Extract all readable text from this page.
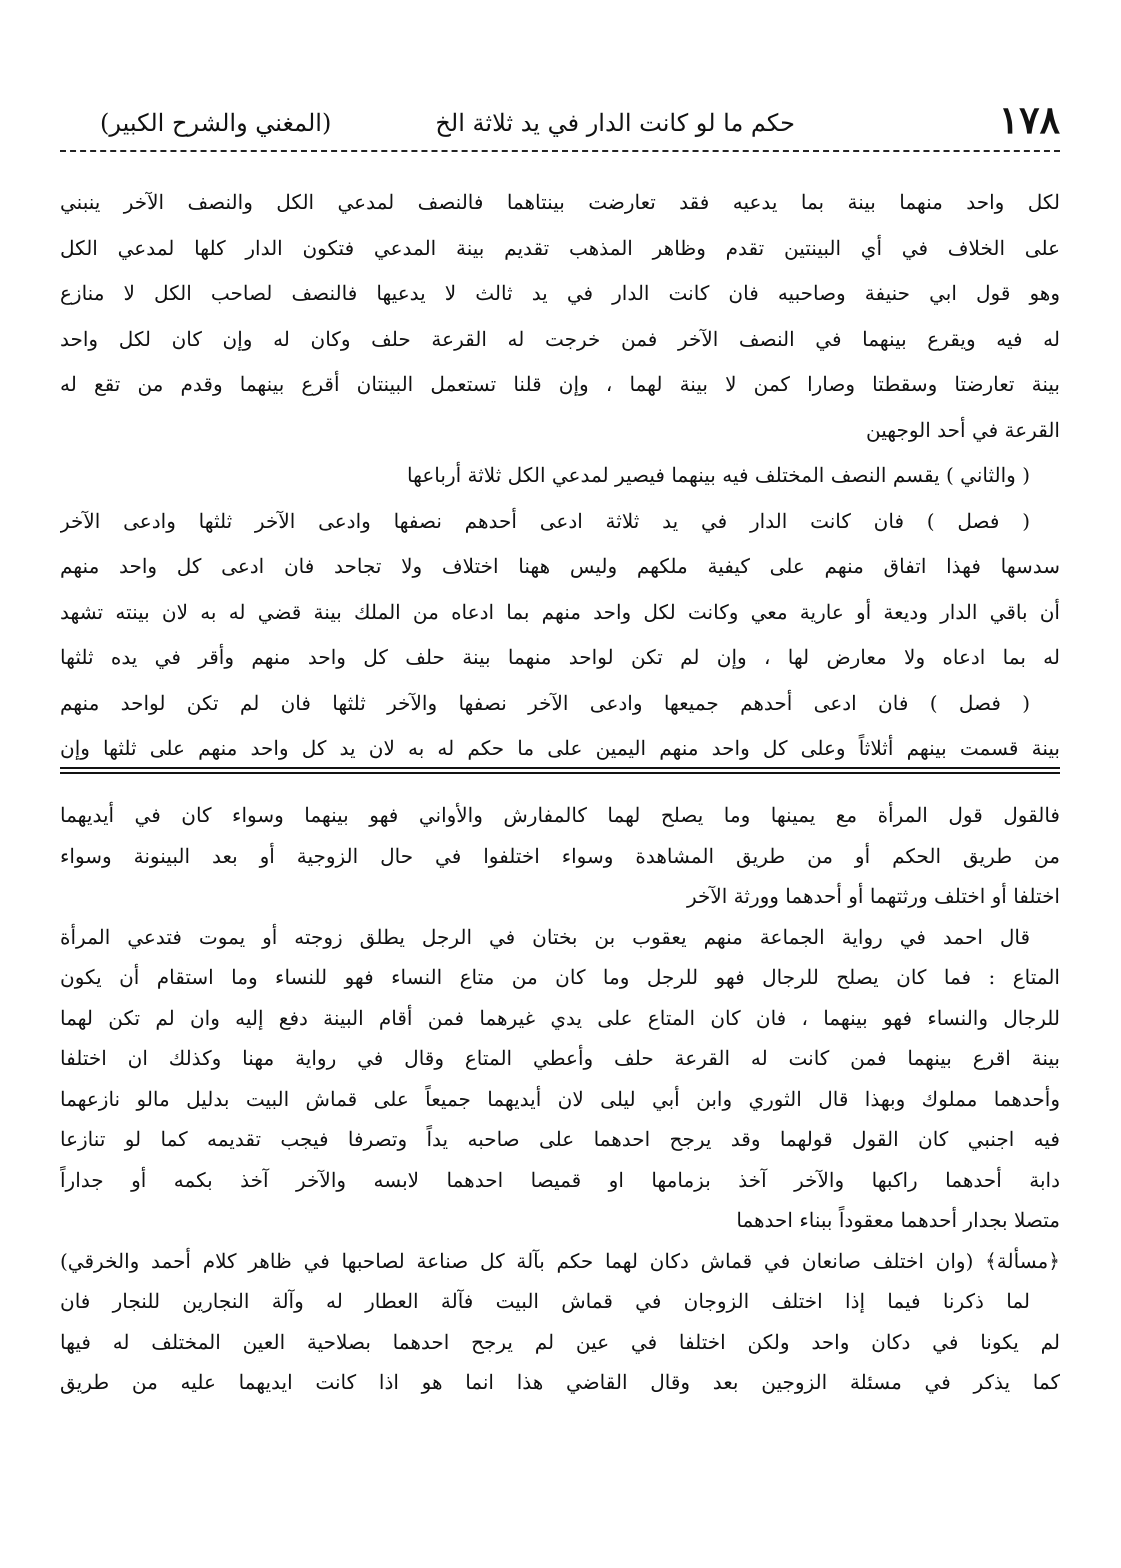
١٧٨
حكم ما لو كانت الدار في يد ثلاثة الخ
(المغني والشرح الكبير)
لكل واحد منهما بينة بما يدعيه فقد تعارضت بينتاهما فالنصف لمدعي الكل والنصف الآخر ينبني
على الخلاف في أي البينتين تقدم وظاهر المذهب تقديم بينة المدعي فتكون الدار كلها لمدعي الكل
وهو قول ابي حنيفة وصاحبيه فان كانت الدار في يد ثالث لا يدعيها فالنصف لصاحب الكل لا منازع
له فيه ويقرع بينهما في النصف الآخر فمن خرجت له القرعة حلف وكان له وإن كان لكل واحد
بينة تعارضتا وسقطتا وصارا كمن لا بينة لهما ، وإن قلنا تستعمل البينتان أقرع بينهما وقدم من تقع له
القرعة في أحد الوجهين
( والثاني ) يقسم النصف المختلف فيه بينهما فيصير لمدعي الكل ثلاثة أرباعها
( فصل ) فان كانت الدار في يد ثلاثة ادعى أحدهم نصفها وادعى الآخر ثلثها وادعى الآخر
سدسها فهذا اتفاق منهم على كيفية ملكهم وليس ههنا اختلاف ولا تجاحد فان ادعى كل واحد منهم
أن باقي الدار وديعة أو عارية معي وكانت لكل واحد منهم بما ادعاه من الملك بينة قضي له به لان بينته تشهد
له بما ادعاه ولا معارض لها ، وإن لم تكن لواحد منهما بينة حلف كل واحد منهم وأقر في يده ثلثها
( فصل ) فان ادعى أحدهم جميعها وادعى الآخر نصفها والآخر ثلثها فان لم تكن لواحد منهم
بينة قسمت بينهم أثلاثاً وعلى كل واحد منهم اليمين على ما حكم له به لان يد كل واحد منهم على ثلثها وإن
فالقول قول المرأة مع يمينها وما يصلح لهما كالمفارش والأواني فهو بينهما وسواء كان في أيديهما
من طريق الحكم أو من طريق المشاهدة وسواء اختلفوا في حال الزوجية أو بعد البينونة وسواء
اختلفا أو اختلف ورثتهما أو أحدهما وورثة الآخر
قال احمد في رواية الجماعة منهم يعقوب بن بختان في الرجل يطلق زوجته أو يموت فتدعي المرأة
المتاع : فما كان يصلح للرجال فهو للرجل وما كان من متاع النساء فهو للنساء وما استقام أن يكون
للرجال والنساء فهو بينهما ، فان كان المتاع على يدي غيرهما فمن أقام البينة دفع إليه وان لم تكن لهما
بينة اقرع بينهما فمن كانت له القرعة حلف وأعطي المتاع وقال في رواية مهنا وكذلك ان اختلفا
وأحدهما مملوك وبهذا قال الثوري وابن أبي ليلى لان أيديهما جميعاً على قماش البيت بدليل مالو نازعهما
فيه اجنبي كان القول قولهما وقد يرجح احدهما على صاحبه يداً وتصرفا فيجب تقديمه كما لو تنازعا
دابة أحدهما راكبها والآخر آخذ بزمامها او قميصا احدهما لابسه والآخر آخذ بكمه أو جداراً
متصلا بجدار أحدهما معقوداً ببناء احدهما
﴿مسألة﴾ (وان اختلف صانعان في قماش دكان لهما حكم بآلة كل صناعة لصاحبها في ظاهر كلام أحمد والخرقي)
لما ذكرنا فيما إذا اختلف الزوجان في قماش البيت فآلة العطار له وآلة النجارين للنجار فان
لم يكونا في دكان واحد ولكن اختلفا في عين لم يرجح احدهما بصلاحية العين المختلف له فيها
كما يذكر في مسئلة الزوجين بعد وقال القاضي هذا انما هو اذا كانت ايديهما عليه من طريق
